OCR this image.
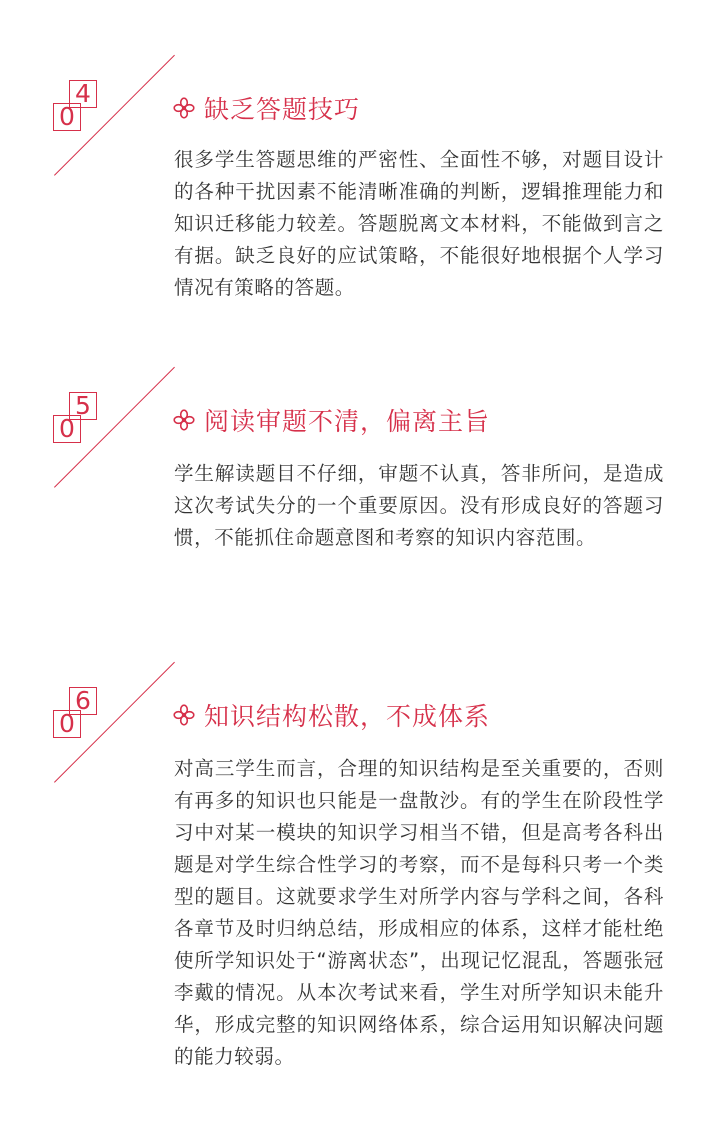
0
4
缺乏答题技巧
很多学生答题思维的严密性、全面性不够，对题目设计的各种干扰因素不能清晰准确的判断，逻辑推理能力和知识迁移能力较差。答题脱离文本材料，不能做到言之有据。缺乏良好的应试策略，不能很好地根据个人学习情况有策略的答题。
0
5
阅读审题不清，偏离主旨
学生解读题目不仔细，审题不认真，答非所问，是造成这次考试失分的一个重要原因。没有形成良好的答题习惯，不能抓住命题意图和考察的知识内容范围。
0
6
知识结构松散，不成体系
对高三学生而言，合理的知识结构是至关重要的，否则有再多的知识也只能是一盘散沙。有的学生在阶段性学习中对某一模块的知识学习相当不错，但是高考各科出题是对学生综合性学习的考察，而不是每科只考一个类型的题目。这就要求学生对所学内容与学科之间，各科各章节及时归纳总结，形成相应的体系，这样才能杜绝使所学知识处于“游离状态”，出现记忆混乱，答题张冠李戴的情况。从本次考试来看，学生对所学知识未能升华，形成完整的知识网络体系，综合运用知识解决问题的能力较弱。
